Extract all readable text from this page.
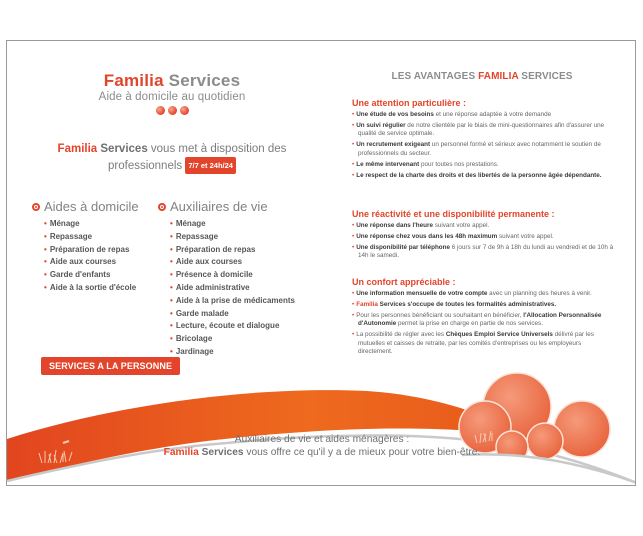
Familia Services
Aide à domicile au quotidien
Familia Services vous met à disposition des
professionnels 7/7 et 24h/24
Aides à domicile
• Ménage
• Repassage
• Préparation de repas
• Aide aux courses
• Garde d'enfants
• Aide à la sortie d'école
Auxiliaires de vie
• Ménage
• Repassage
• Préparation de repas
• Aide aux courses
• Présence à domicile
• Aide administrative
• Aide à la prise de médicaments
• Garde malade
• Lecture, écoute et dialogue
• Bricolage
• Jardinage
SERVICES A LA PERSONNE
LES AVANTAGES FAMILIA SERVICES
Une attention particulière :
• Une étude de vos besoins et une réponse adaptée à votre demande
• Un suivi régulier de notre clientèle par le biais de mini-questionnaires afin d'assurer une qualité de service optimale.
• Un recrutement exigeant un personnel formé et sérieux avec notamment le soutien de professionnels du secteur.
• Le même intervenant pour toutes nos prestations.
• Le respect de la charte des droits et des libertés de la personne âgée dépendante.
Une réactivité et une disponibilité permanente :
• Une réponse dans l'heure suivant votre appel.
• Une réponse chez vous dans les 48h maximum suivant votre appel.
• Une disponibilité par téléphone 6 jours sur 7 de 9h à 18h du lundi au vendredi et de 10h à 14h le samedi.
Un confort appréciable :
• Une information mensuelle de votre compte avec un planning des heures à venir.
• Familia Services s'occupe de toutes les formalités administratives.
• Pour les personnes bénéficiant ou souhaitant en bénéficier, l'Allocation Personnalisée d'Autonomie permet la prise en charge en partie de nos services.
• La possibilité de régler avec les Chèques Emploi Service Universels délivré par les mutuelles et caisses de retraite, par les comités d'entreprises ou les employeurs directement.
Auxiliaires de vie et aides ménagères :
Familia Services vous offre ce qu'il y a de mieux pour votre bien-être.
